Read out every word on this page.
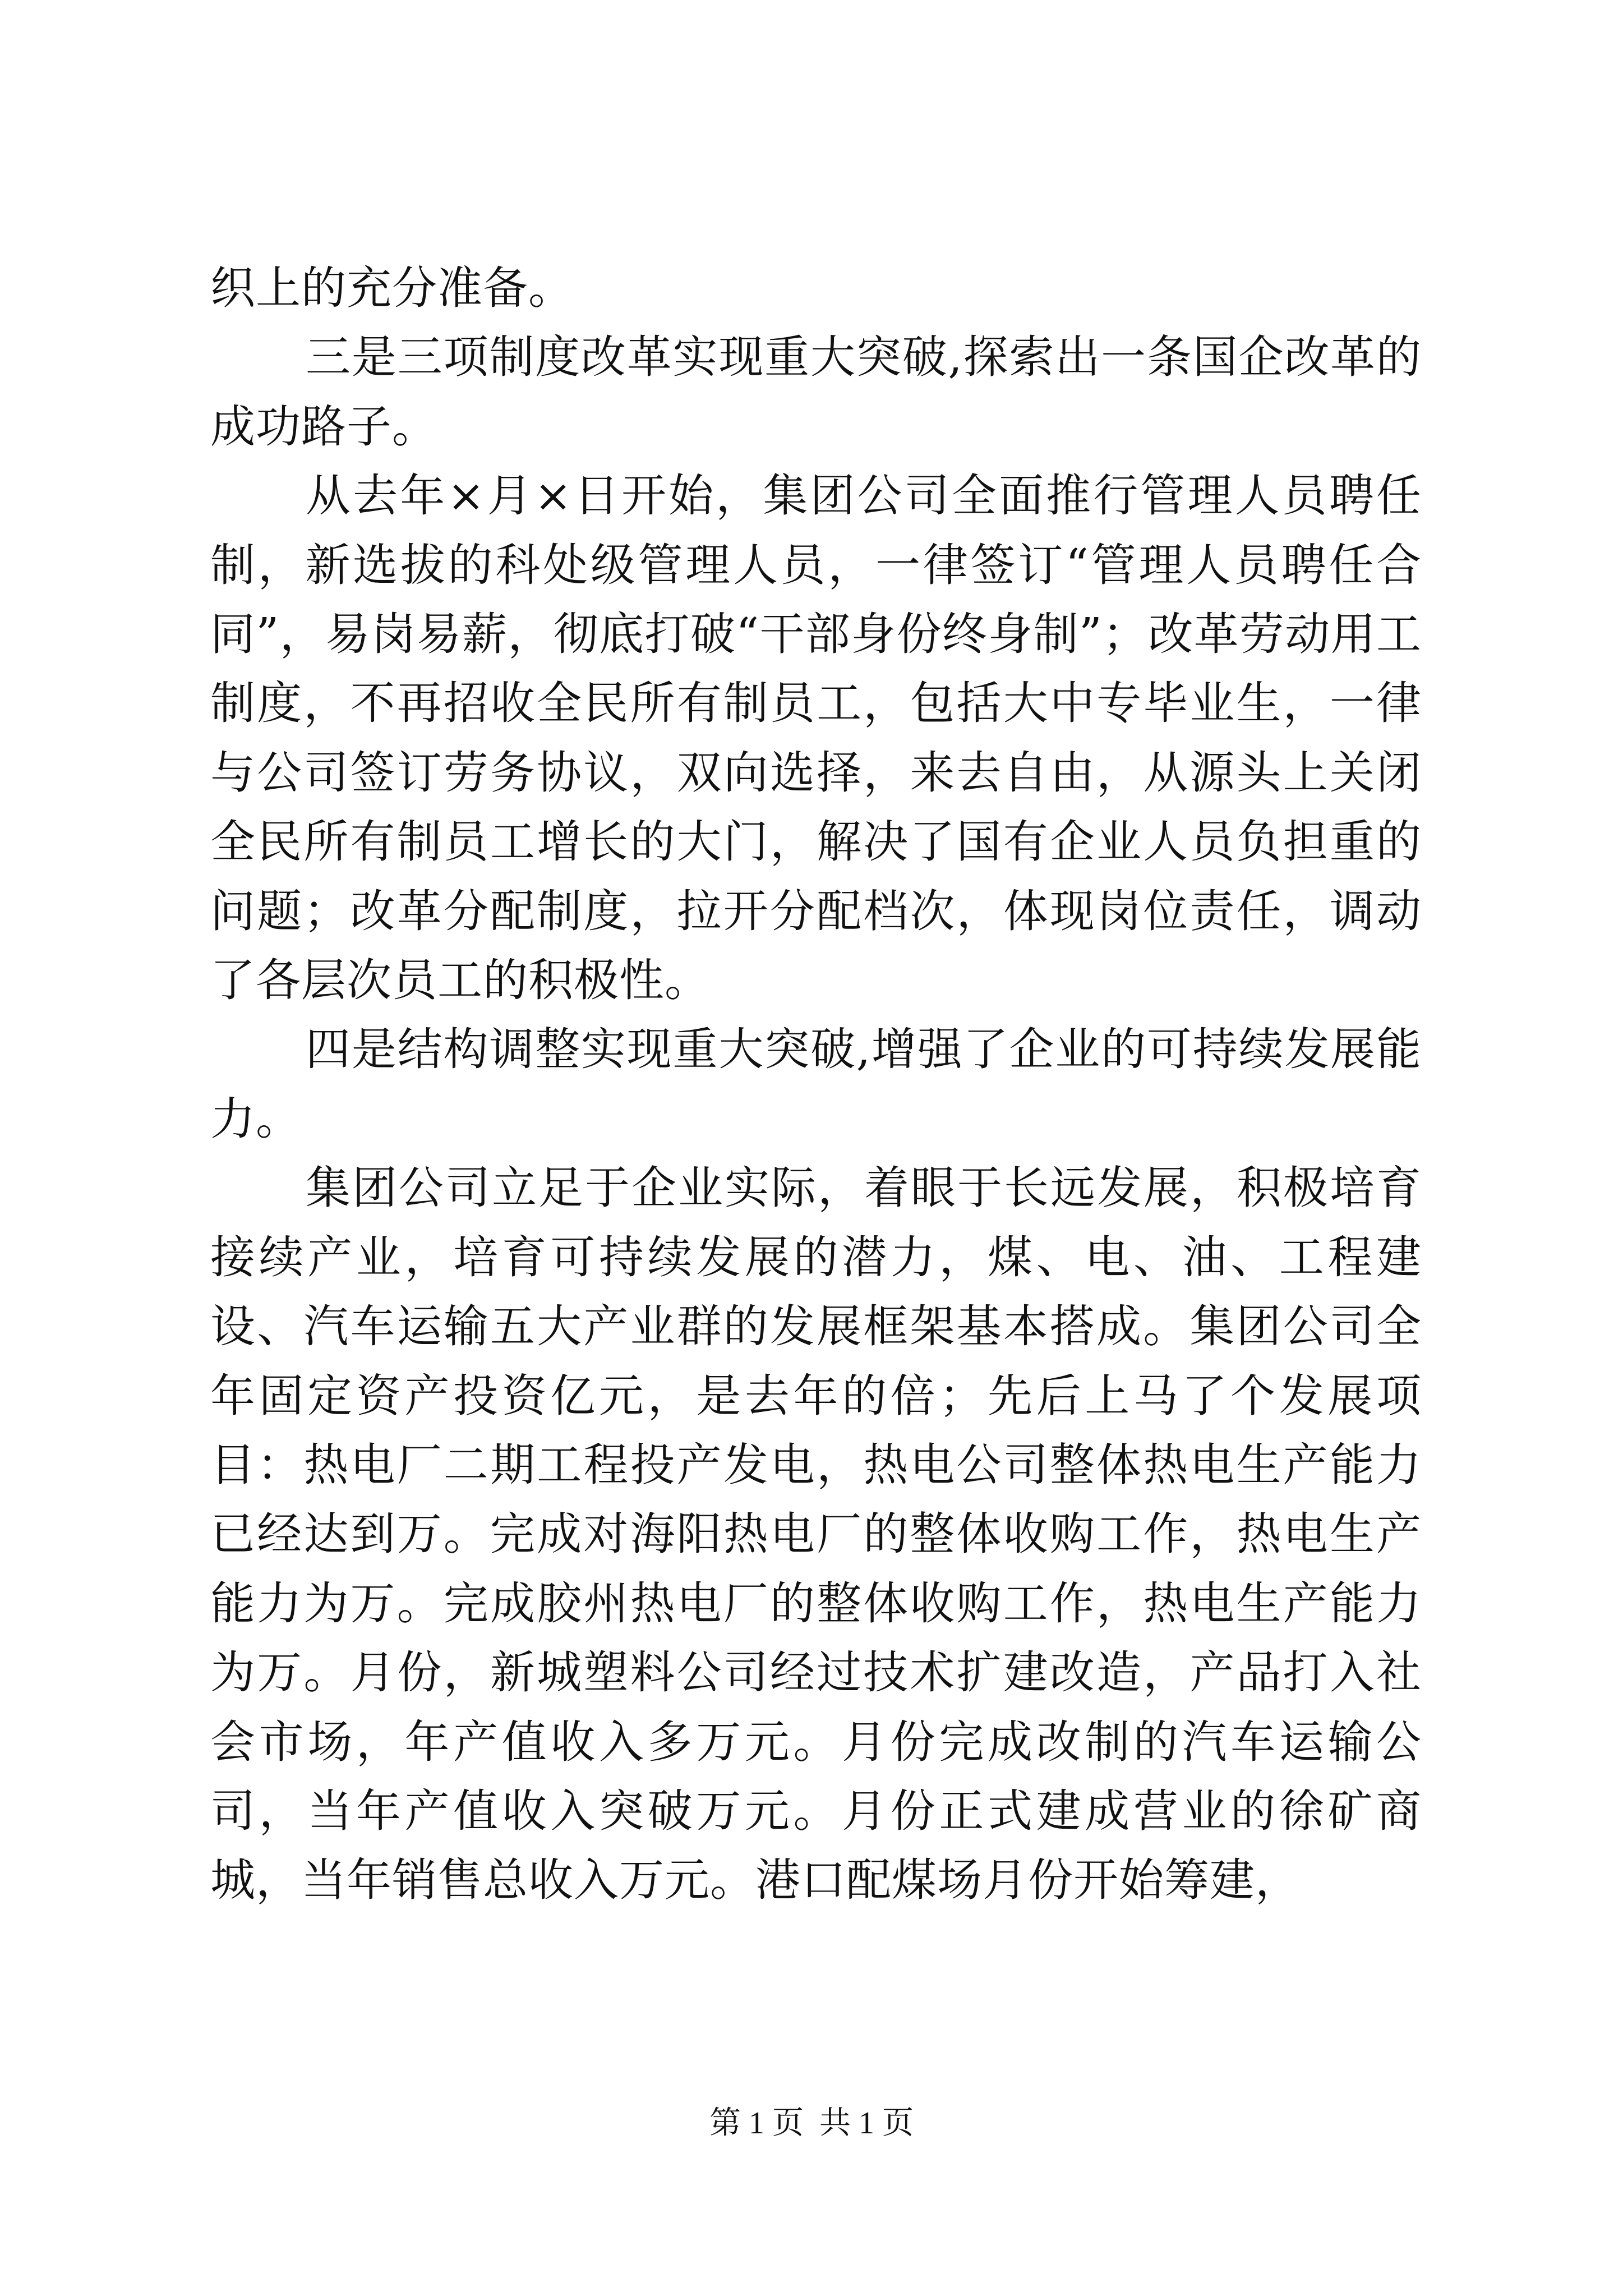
织上的充分准备。

三是三项制度改革实现重大突破,探索出一条国企改革的成功路子。

从去年×月×日开始，集团公司全面推行管理人员聘任制，新选拔的科处级管理人员，一律签订“管理人员聘任合同”，易岗易薪，彻底打破“干部身份终身制”；改革劳动用工制度，不再招收全民所有制员工，包括大中专毕业生，一律与公司签订劳务协议，双向选择，来去自由，从源头上关闭全民所有制员工增长的大门，解决了国有企业人员负担重的问题；改革分配制度，拉开分配档次，体现岗位责任，调动了各层次员工的积极性。

四是结构调整实现重大突破,增强了企业的可持续发展能力。

集团公司立足于企业实际，着眼于长远发展，积极培育接续产业，培育可持续发展的潜力，煤、电、油、工程建设、汽车运输五大产业群的发展框架基本搭成。集团公司全年固定资产投资亿元，是去年的倍；先后上马了个发展项目：热电厂二期工程投产发电，热电公司整体热电生产能力已经达到万。完成对海阳热电厂的整体收购工作，热电生产能力为万。完成胶州热电厂的整体收购工作，热电生产能力为万。月份，新城塑料公司经过技术扩建改造，产品打入社会市场，年产值收入多万元。月份完成改制的汽车运输公司，当年产值收入突破万元。月份正式建成营业的徐矿商城，当年销售总收入万元。港口配煤场月份开始筹建，

第 1 页  共 1 页
